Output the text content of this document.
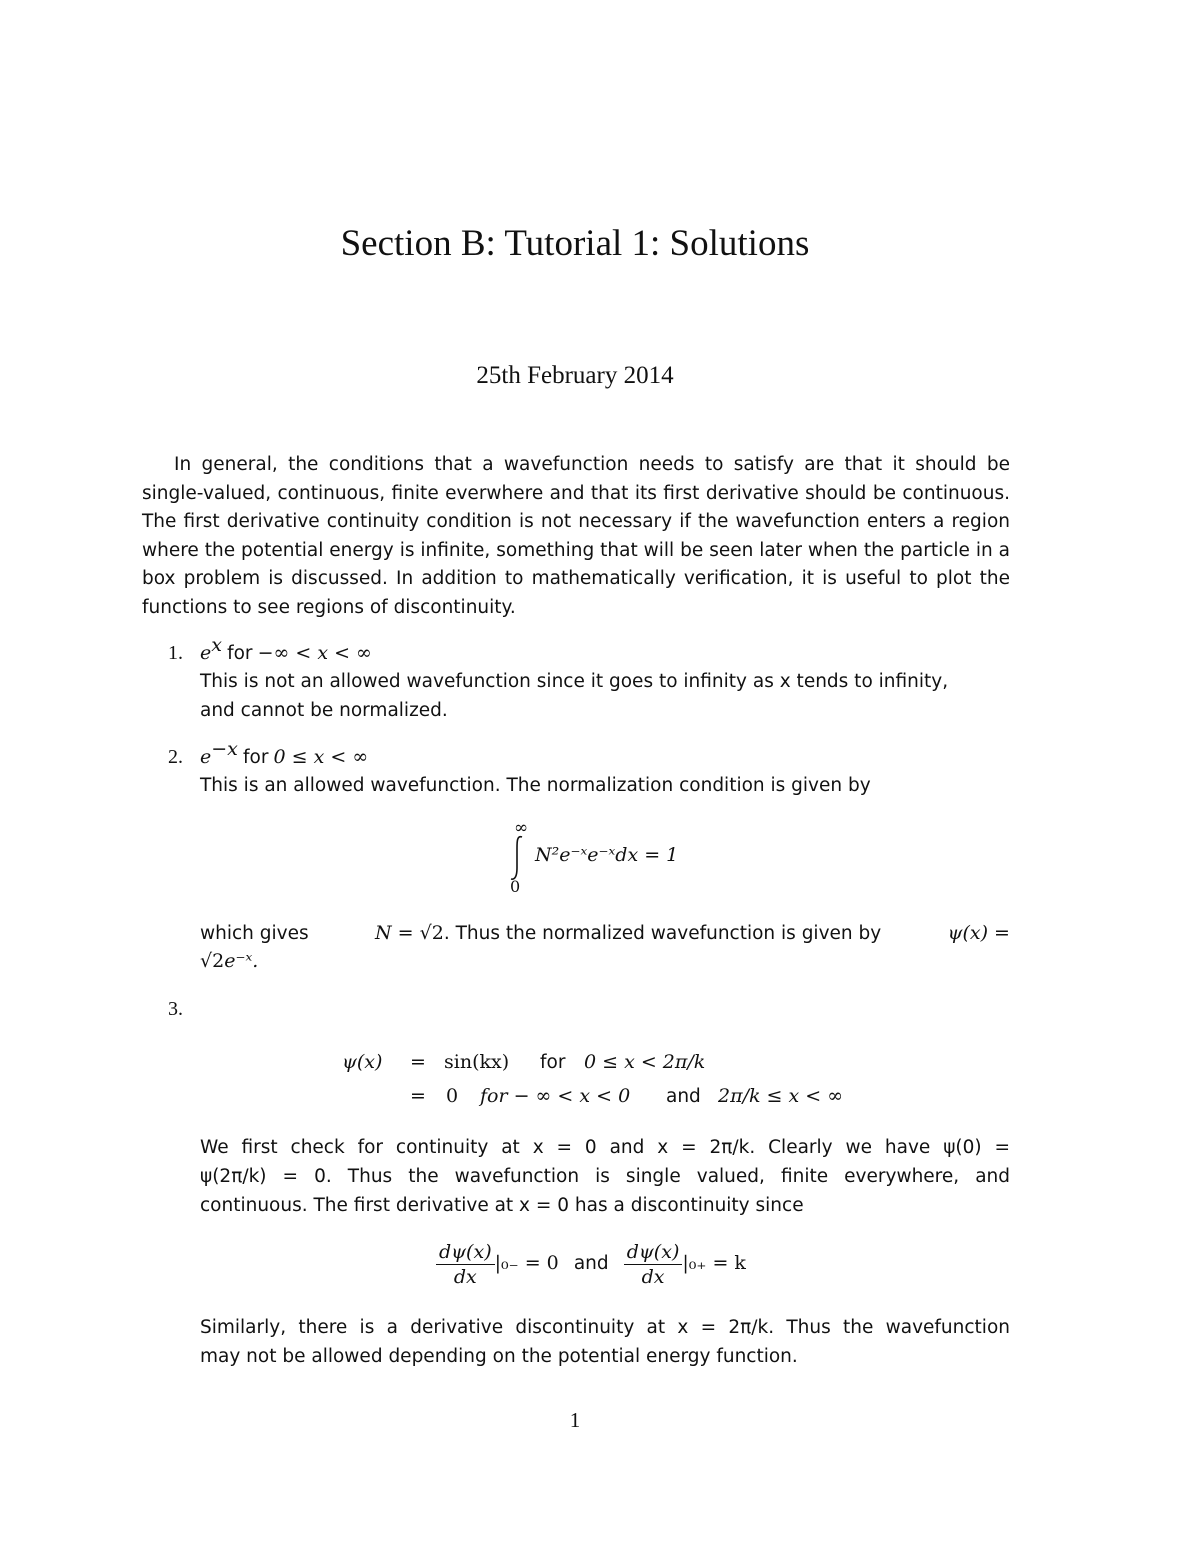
Section B: Tutorial 1: Solutions
25th February 2014

In general, the conditions that a wavefunction needs to satisfy are that it should be single-valued, continuous, finite everwhere and that its first derivative should be continuous. The first derivative continuity condition is not necessary if the wavefunction enters a region where the potential energy is infinite, something that will be seen later when the particle in a box problem is discussed. In addition to mathematically verification, it is useful to plot the functions to see regions of discontinuity.

1. $e^x$ for −∞ < x < ∞
This is not an allowed wavefunction since it goes to infinity as x tends to infinity,
and cannot be normalized.
2. $e^{-x}$ for 0 ≤ x < ∞
This is an allowed wavefunction. The normalization condition is given by
∞
0
N²e⁻ˣe⁻ˣdx = 1
which gives	N = √2. Thus the normalized wavefunction is given by	ψ(x) =
√2e⁻ˣ.
3.
ψ(x) = sin(kx) for 0 ≤ x < 2π/k
= 0 for − ∞ < x < 0 and 2π/k ≤ x < ∞
We first check for continuity at x = 0 and x = 2π/k. Clearly we have ψ(0) =
ψ(2π/k) = 0. Thus the wavefunction is single valued, finite everywhere, and
continuous. The first derivative at x = 0 has a discontinuity since
$\frac{d\psi(x)}{dx} |_{0-} = 0$ and $\frac{d\psi(x)}{dx} |_{0+} = k$
Similarly, there is a derivative discontinuity at x = 2π/k. Thus the wavefunction
may not be allowed depending on the potential energy function.
1
